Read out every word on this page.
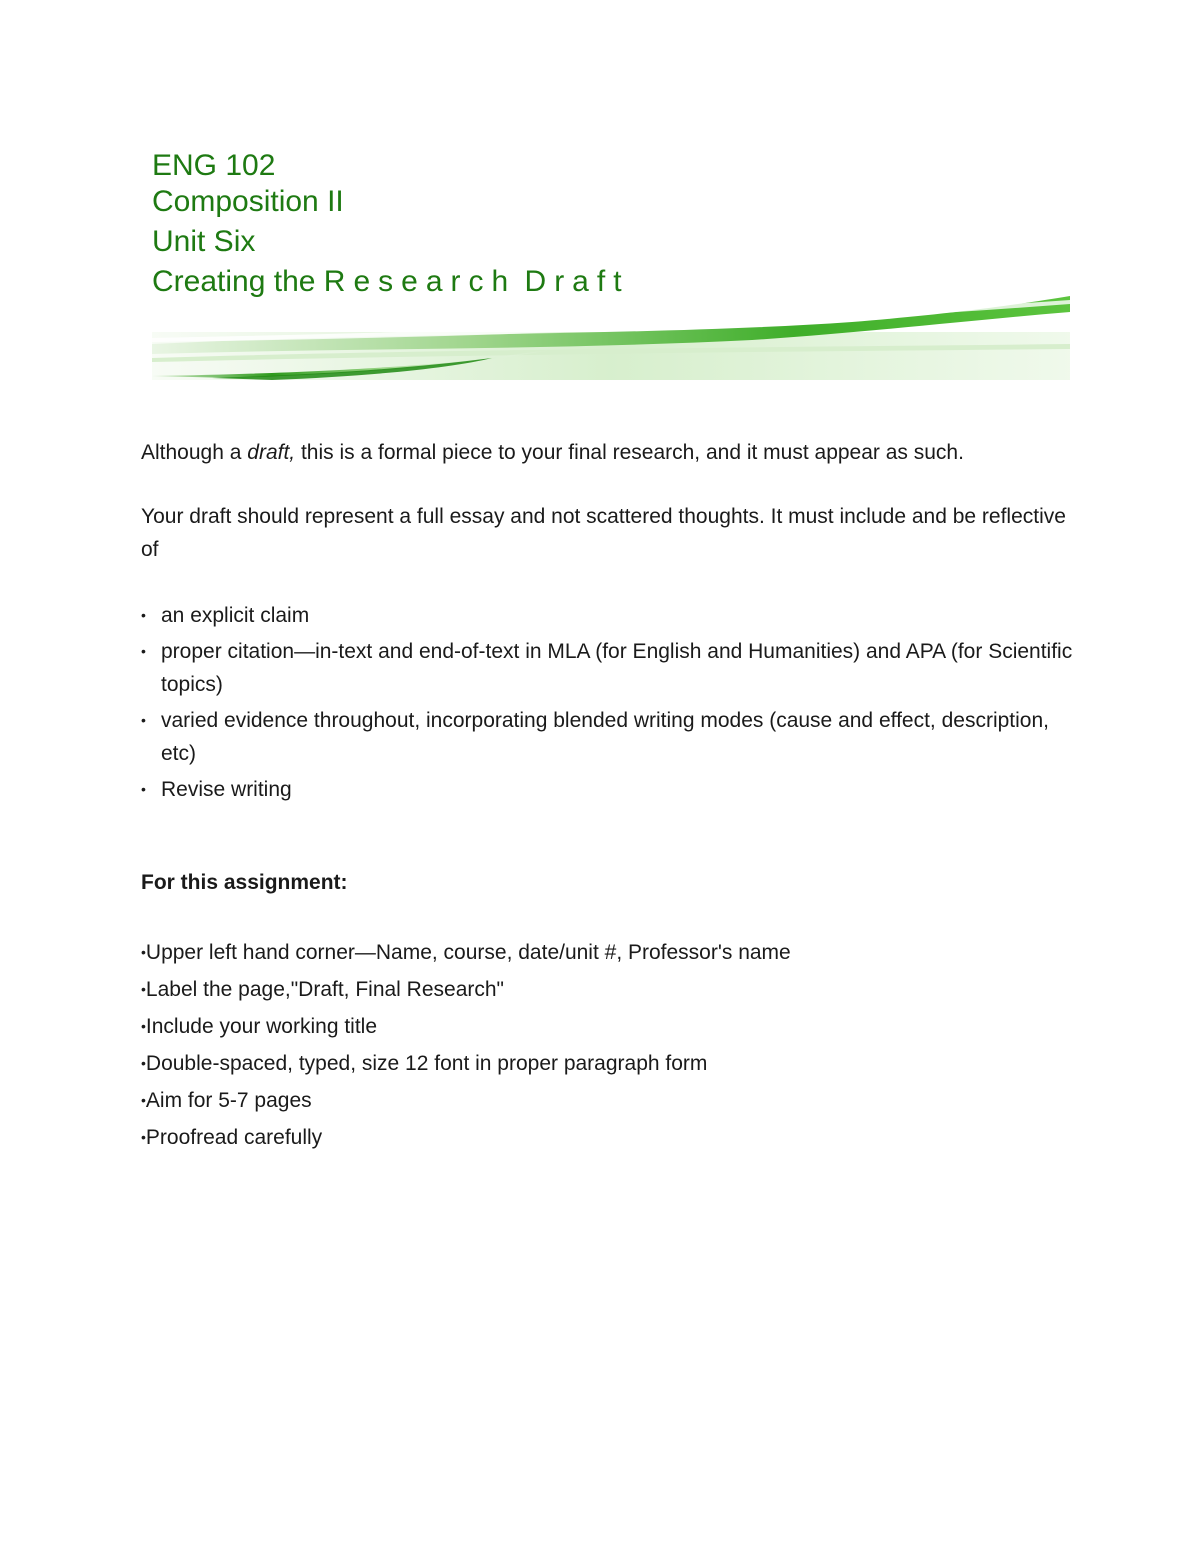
ENG 102

Composition II

Unit Six

Creating the Research Draft

Although a draft, this is a formal piece to your final research, and it must appear as such.

Your draft should represent a full essay and not scattered thoughts. It must include and be reflective of

• an explicit claim
• proper citation—in-text and end-of-text in MLA (for English and Humanities) and APA (for Scientific topics)
• varied evidence throughout, incorporating blended writing modes (cause and effect, description, etc)
• Revise writing

For this assignment:

•Upper left hand corner—Name, course, date/unit #, Professor's name
•Label the page,"Draft, Final Research"
•Include your working title
•Double-spaced, typed, size 12 font in proper paragraph form
•Aim for 5-7 pages
•Proofread carefully
